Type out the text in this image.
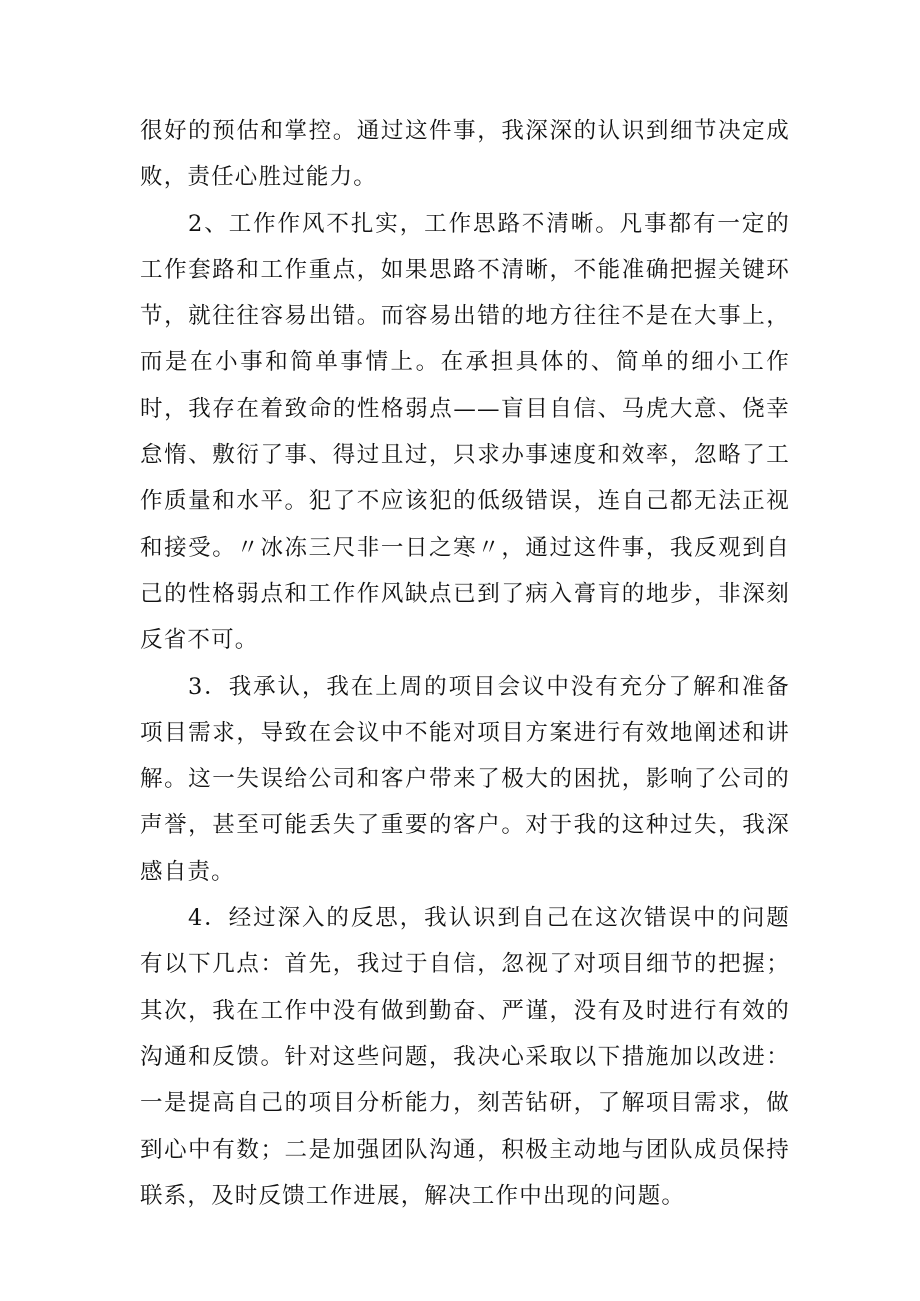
很好的预估和掌控。通过这件事，我深深的认识到细节决定成败，责任心胜过能力。

2、工作作风不扎实，工作思路不清晰。凡事都有一定的工作套路和工作重点，如果思路不清晰，不能准确把握关键环节，就往往容易出错。而容易出错的地方往往不是在大事上，而是在小事和简单事情上。在承担具体的、简单的细小工作时，我存在着致命的性格弱点——盲目自信、马虎大意、侥幸怠惰、敷衍了事、得过且过，只求办事速度和效率，忽略了工作质量和水平。犯了不应该犯的低级错误，连自己都无法正视和接受。〃冰冻三尺非一日之寒〃，通过这件事，我反观到自己的性格弱点和工作作风缺点已到了病入膏肓的地步，非深刻反省不可。

3．我承认，我在上周的项目会议中没有充分了解和准备项目需求，导致在会议中不能对项目方案进行有效地阐述和讲解。这一失误给公司和客户带来了极大的困扰，影响了公司的声誉，甚至可能丢失了重要的客户。对于我的这种过失，我深感自责。

4．经过深入的反思，我认识到自己在这次错误中的问题有以下几点：首先，我过于自信，忽视了对项目细节的把握；其次，我在工作中没有做到勤奋、严谨，没有及时进行有效的沟通和反馈。针对这些问题，我决心采取以下措施加以改进：一是提高自己的项目分析能力，刻苦钻研，了解项目需求，做到心中有数；二是加强团队沟通，积极主动地与团队成员保持联系，及时反馈工作进展，解决工作中出现的问题。
